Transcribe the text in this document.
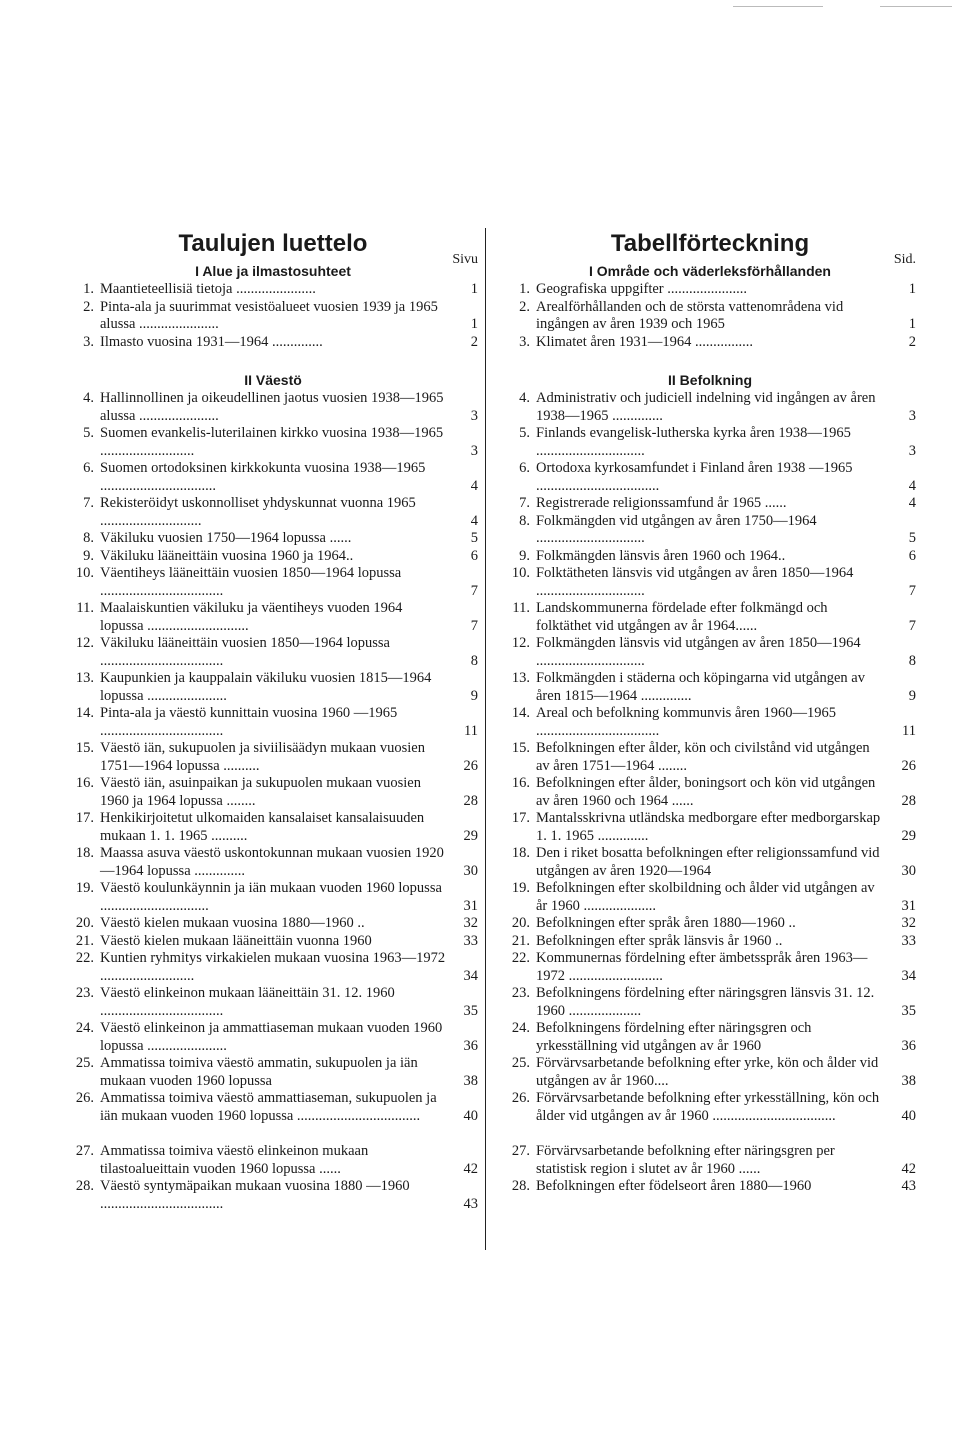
Taulujen luettelo
Sivu
I Alue ja ilmastosuhteet
1. Maantieteellisiä tietoja ......................	1
2. Pinta-ala ja suurimmat vesistöalueet vuosien 1939 ja 1965 alussa ......................	1
3. Ilmasto vuosina 1931—1964 ..............	2
II Väestö
4. Hallinnollinen ja oikeudellinen jaotus vuosien 1938—1965 alussa ......................	3
5. Suomen evankelis-luterilainen kirkko vuosina 1938—1965 ..........................	3
6. Suomen ortodoksinen kirkkokunta vuosina 1938—1965 ................................	4
7. Rekisteröidyt uskonnolliset yhdyskunnat vuonna 1965 ............................	4
8. Väkiluku vuosien 1750—1964 lopussa ......	5
9. Väkiluku lääneittäin vuosina 1960 ja 1964..	6
10. Väentiheys lääneittäin vuosien 1850—1964 lopussa ..................................	7
11. Maalaiskuntien väkiluku ja väentiheys vuoden 1964 lopussa ............................	7
12. Väkiluku lääneittäin vuosien 1850—1964 lopussa ..................................	8
13. Kaupunkien ja kauppalain väkiluku vuosien 1815—1964 lopussa ......................	9
14. Pinta-ala ja väestö kunnittain vuosina 1960 —1965 ..................................	11
15. Väestö iän, sukupuolen ja siviilisäädyn mukaan vuosien 1751—1964 lopussa ..........	26
16. Väestö iän, asuinpaikan ja sukupuolen mukaan vuosien 1960 ja 1964 lopussa ........	28
17. Henkikirjoitetut ulkomaiden kansalaiset kansalaisuuden mukaan 1. 1. 1965 ..........	29
18. Maassa asuva väestö uskontokunnan mukaan vuosien 1920—1964 lopussa ..............	30
19. Väestö koulunkäynnin ja iän mukaan vuoden 1960 lopussa ..............................	31
20. Väestö kielen mukaan vuosina 1880—1960 ..	32
21. Väestö kielen mukaan lääneittäin vuonna 1960	33
22. Kuntien ryhmitys virkakielen mukaan vuosina 1963—1972 ..........................	34
23. Väestö elinkeinon mukaan lääneittäin 31. 12. 1960 ..................................	35
24. Väestö elinkeinon ja ammattiaseman mukaan vuoden 1960 lopussa ......................	36
25. Ammatissa toimiva väestö ammatin, sukupuolen ja iän mukaan vuoden 1960 lopussa	38
26. Ammatissa toimiva väestö ammattiaseman, sukupuolen ja iän mukaan vuoden 1960 lopussa ..................................	40
27. Ammatissa toimiva väestö elinkeinon mukaan tilastoalueittain vuoden 1960 lopussa ......	42
28. Väestö syntymäpaikan mukaan vuosina 1880 —1960 ..................................	43
Tabellförteckning
Sid.
I Område och väderleksförhållanden
1. Geografiska uppgifter ......................	1
2. Arealförhållanden och de största vattenområdena vid ingången av åren 1939 och 1965	1
3. Klimatet åren 1931—1964 ................	2
II Befolkning
4. Administrativ och judiciell indelning vid ingången av åren 1938—1965 ..............	3
5. Finlands evangelisk-lutherska kyrka åren 1938—1965 ..............................	3
6. Ortodoxa kyrkosamfundet i Finland åren 1938 —1965 ..................................	4
7. Registrerade religionssamfund år 1965 ......	4
8. Folkmängden vid utgången av åren 1750—1964 ..............................	5
9. Folkmängden länsvis åren 1960 och 1964..	6
10. Folktätheten länsvis vid utgången av åren 1850—1964 ..............................	7
11. Landskommunerna fördelade efter folkmängd och folktäthet vid utgången av år 1964......	7
12. Folkmängden länsvis vid utgången av åren 1850—1964 ..............................	8
13. Folkmängden i städerna och köpingarna vid utgången av åren 1815—1964 ..............	9
14. Areal och befolkning kommunvis åren 1960—1965 ..................................	11
15. Befolkningen efter ålder, kön och civilstånd vid utgången av åren 1751—1964 ........	26
16. Befolkningen efter ålder, boningsort och kön vid utgången av åren 1960 och 1964 ......	28
17. Mantalsskrivna utländska medborgare efter medborgarskap 1. 1. 1965 ..............	29
18. Den i riket bosatta befolkningen efter religionssamfund vid utgången av åren 1920—1964	30
19. Befolkningen efter skolbildning och ålder vid utgången av år 1960 ....................	31
20. Befolkningen efter språk åren 1880—1960 ..	32
21. Befolkningen efter språk länsvis år 1960 ..	33
22. Kommunernas fördelning efter ämbetsspråk åren 1963—1972 ..........................	34
23. Befolkningens fördelning efter näringsgren länsvis 31. 12. 1960 ....................	35
24. Befolkningens fördelning efter näringsgren och yrkesställning vid utgången av år 1960	36
25. Förvärvsarbetande befolkning efter yrke, kön och ålder vid utgången av år 1960....	38
26. Förvärvsarbetande befolkning efter yrkesställning, kön och ålder vid utgången av år 1960 ..................................	40
27. Förvärvsarbetande befolkning efter näringsgren per statistisk region i slutet av år 1960 ......	42
28. Befolkningen efter födelseort åren 1880—1960	43
